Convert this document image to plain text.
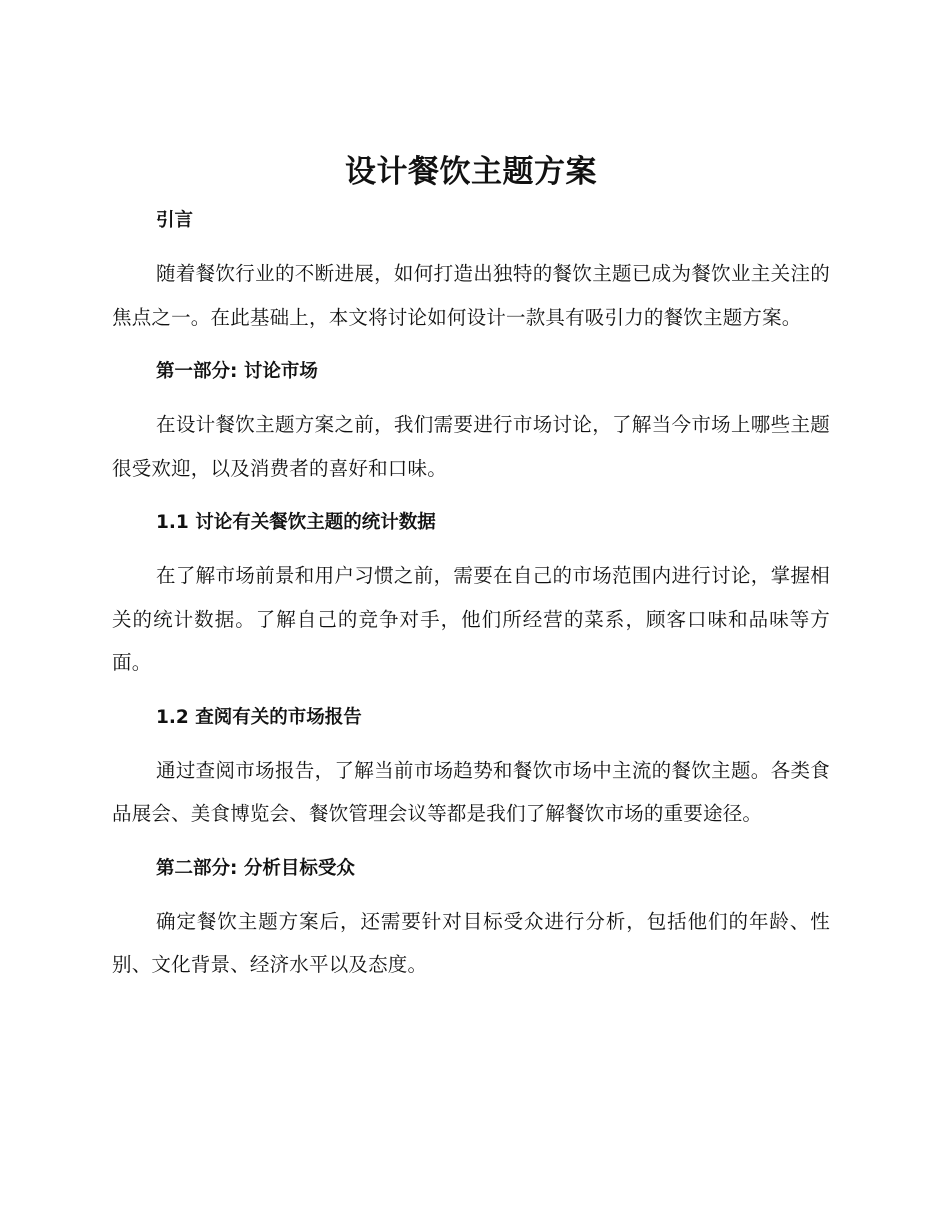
设计餐饮主题方案
引言

随着餐饮行业的不断进展，如何打造出独特的餐饮主题已成为餐饮业主关注的焦点之一。在此基础上，本文将讨论如何设计一款具有吸引力的餐饮主题方案。

第一部分: 讨论市场

在设计餐饮主题方案之前，我们需要进行市场讨论，了解当今市场上哪些主题很受欢迎，以及消费者的喜好和口味。

1.1 讨论有关餐饮主题的统计数据

在了解市场前景和用户习惯之前，需要在自己的市场范围内进行讨论，掌握相关的统计数据。了解自己的竞争对手，他们所经营的菜系，顾客口味和品味等方面。

1.2 查阅有关的市场报告

通过查阅市场报告，了解当前市场趋势和餐饮市场中主流的餐饮主题。各类食品展会、美食博览会、餐饮管理会议等都是我们了解餐饮市场的重要途径。

第二部分: 分析目标受众

确定餐饮主题方案后，还需要针对目标受众进行分析，包括他们的年龄、性别、文化背景、经济水平以及态度。
